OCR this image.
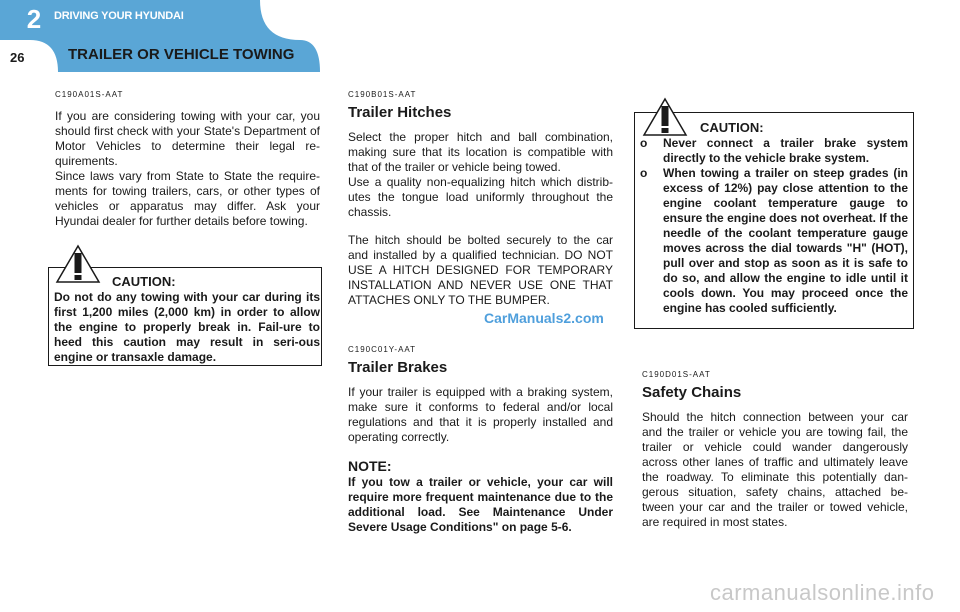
2	DRIVING YOUR HYUNDAI
26	TRAILER OR VEHICLE TOWING
C190A01S-AAT
If you are considering towing with your car, you should first check with your State's Department of Motor Vehicles to determine their legal re-quirements.
Since laws vary from State to State the require-ments for towing trailers, cars, or other types of vehicles or apparatus may differ. Ask your Hyundai dealer for further details before towing.
CAUTION:
Do not do any towing with your car during its first 1,200 miles (2,000 km) in order to allow the engine to properly break in. Fail-ure to heed this caution may result in seri-ous engine or transaxle damage.
C190B01S-AAT
Trailer Hitches
Select the proper hitch and ball combination, making sure that its location is compatible with that of the trailer or vehicle being towed.
Use a quality non-equalizing hitch which distrib-utes the tongue load uniformly throughout the chassis.
The hitch should be bolted securely to the car and installed by a qualified technician. DO NOT USE A HITCH DESIGNED FOR TEMPORARY INSTALLATION AND NEVER USE ONE THAT ATTACHES ONLY TO THE BUMPER.
C190C01Y-AAT
Trailer Brakes
If your trailer is equipped with a braking system, make sure it conforms to federal and/or local regulations and that it is properly installed and operating correctly.
NOTE:
If you tow a trailer or vehicle, your car will require more frequent maintenance due to the additional load. See Maintenance Under Severe Usage Conditions" on page 5-6.
CAUTION:
o Never connect a trailer brake system directly to the vehicle brake system.
o When towing a trailer on steep grades (in excess of 12%) pay close attention to the engine coolant temperature gauge to ensure the engine does not overheat. If the needle of the coolant temperature gauge moves across the dial towards "H" (HOT), pull over and stop as soon as it is safe to do so, and allow the engine to idle until it cools down. You may proceed once the engine has cooled sufficiently.
C190D01S-AAT
Safety Chains
Should the hitch connection between your car and the trailer or vehicle you are towing fail, the trailer or vehicle could wander dangerously across other lanes of traffic and ultimately leave the roadway. To eliminate this potentially dan-gerous situation, safety chains, attached be-tween your car and the trailer or towed vehicle, are required in most states.
CarManuals2.com
carmanualsonline.info
